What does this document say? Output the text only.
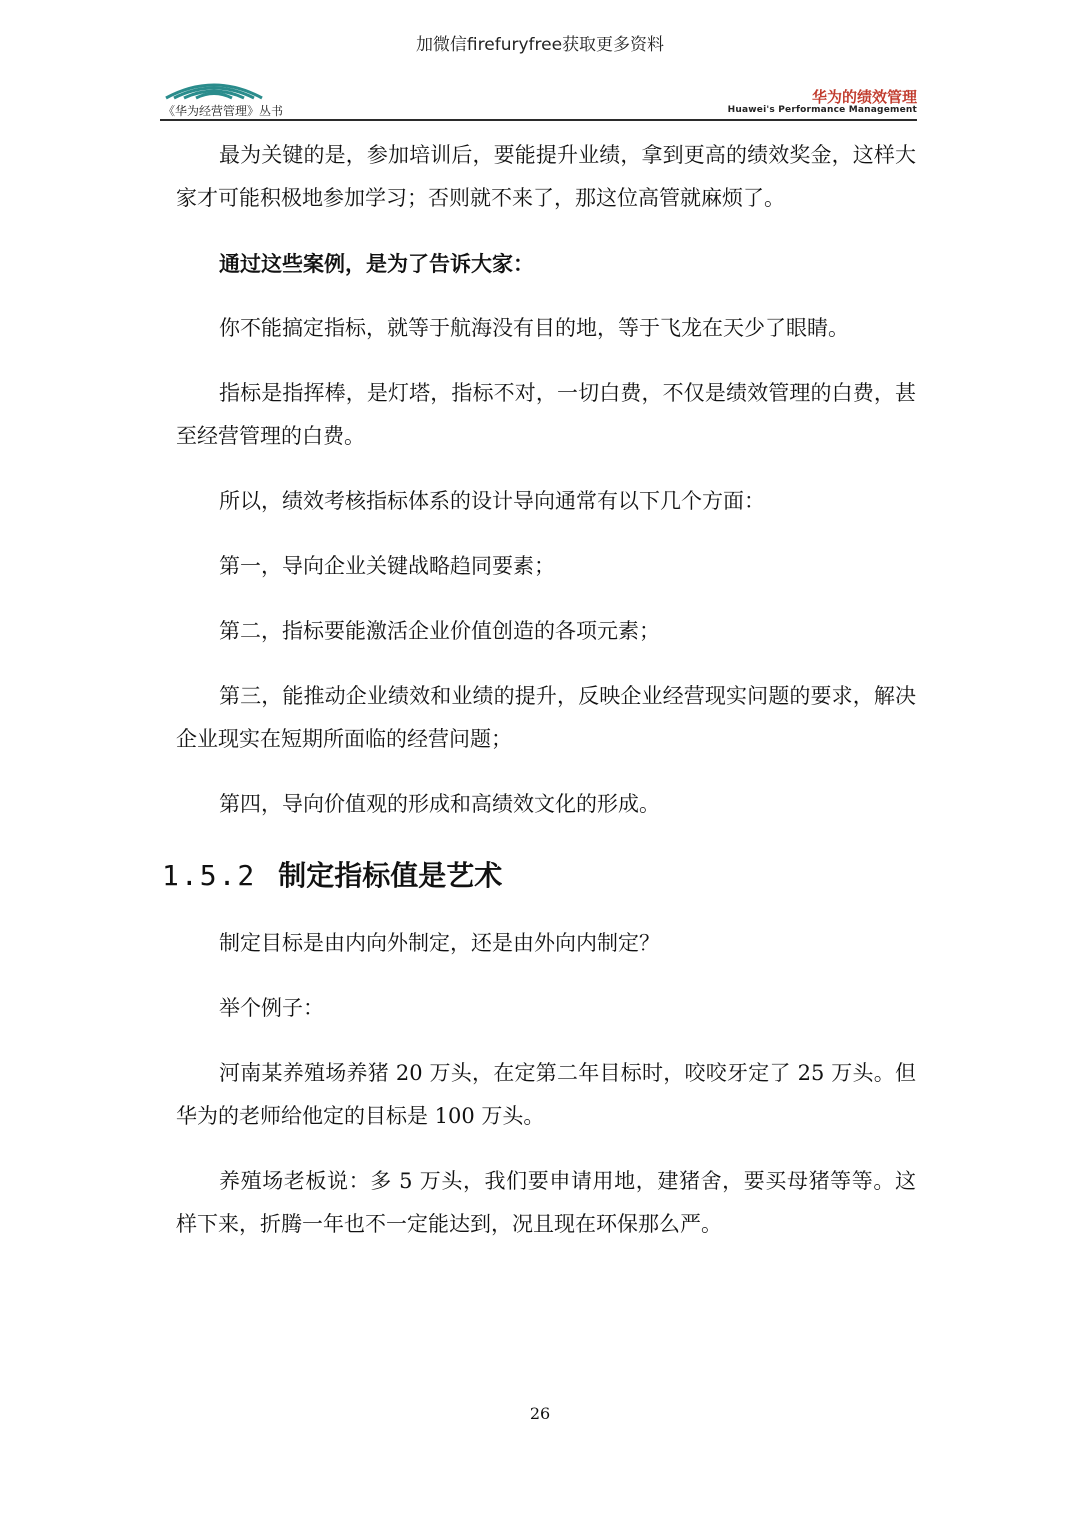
加微信firefuryfree获取更多资料
《华为经营管理》丛书
华为的绩效管理
Huawei's Performance Management

最为关键的是，参加培训后，要能提升业绩，拿到更高的绩效奖金，这样大家才可能积极地参加学习；否则就不来了，那这位高管就麻烦了。

通过这些案例，是为了告诉大家：

你不能搞定指标，就等于航海没有目的地，等于飞龙在天少了眼睛。

指标是指挥棒，是灯塔，指标不对，一切白费，不仅是绩效管理的白费，甚至经营管理的白费。

所以，绩效考核指标体系的设计导向通常有以下几个方面：

第一，导向企业关键战略趋同要素；

第二，指标要能激活企业价值创造的各项元素；

第三，能推动企业绩效和业绩的提升，反映企业经营现实问题的要求，解决企业现实在短期所面临的经营问题；

第四，导向价值观的形成和高绩效文化的形成。

1.5.2 制定指标值是艺术

制定目标是由内向外制定，还是由外向内制定？

举个例子：

河南某养殖场养猪 20 万头，在定第二年目标时，咬咬牙定了 25 万头。但华为的老师给他定的目标是 100 万头。

养殖场老板说：多 5 万头，我们要申请用地，建猪舍，要买母猪等等。这样下来，折腾一年也不一定能达到，况且现在环保那么严。

26
